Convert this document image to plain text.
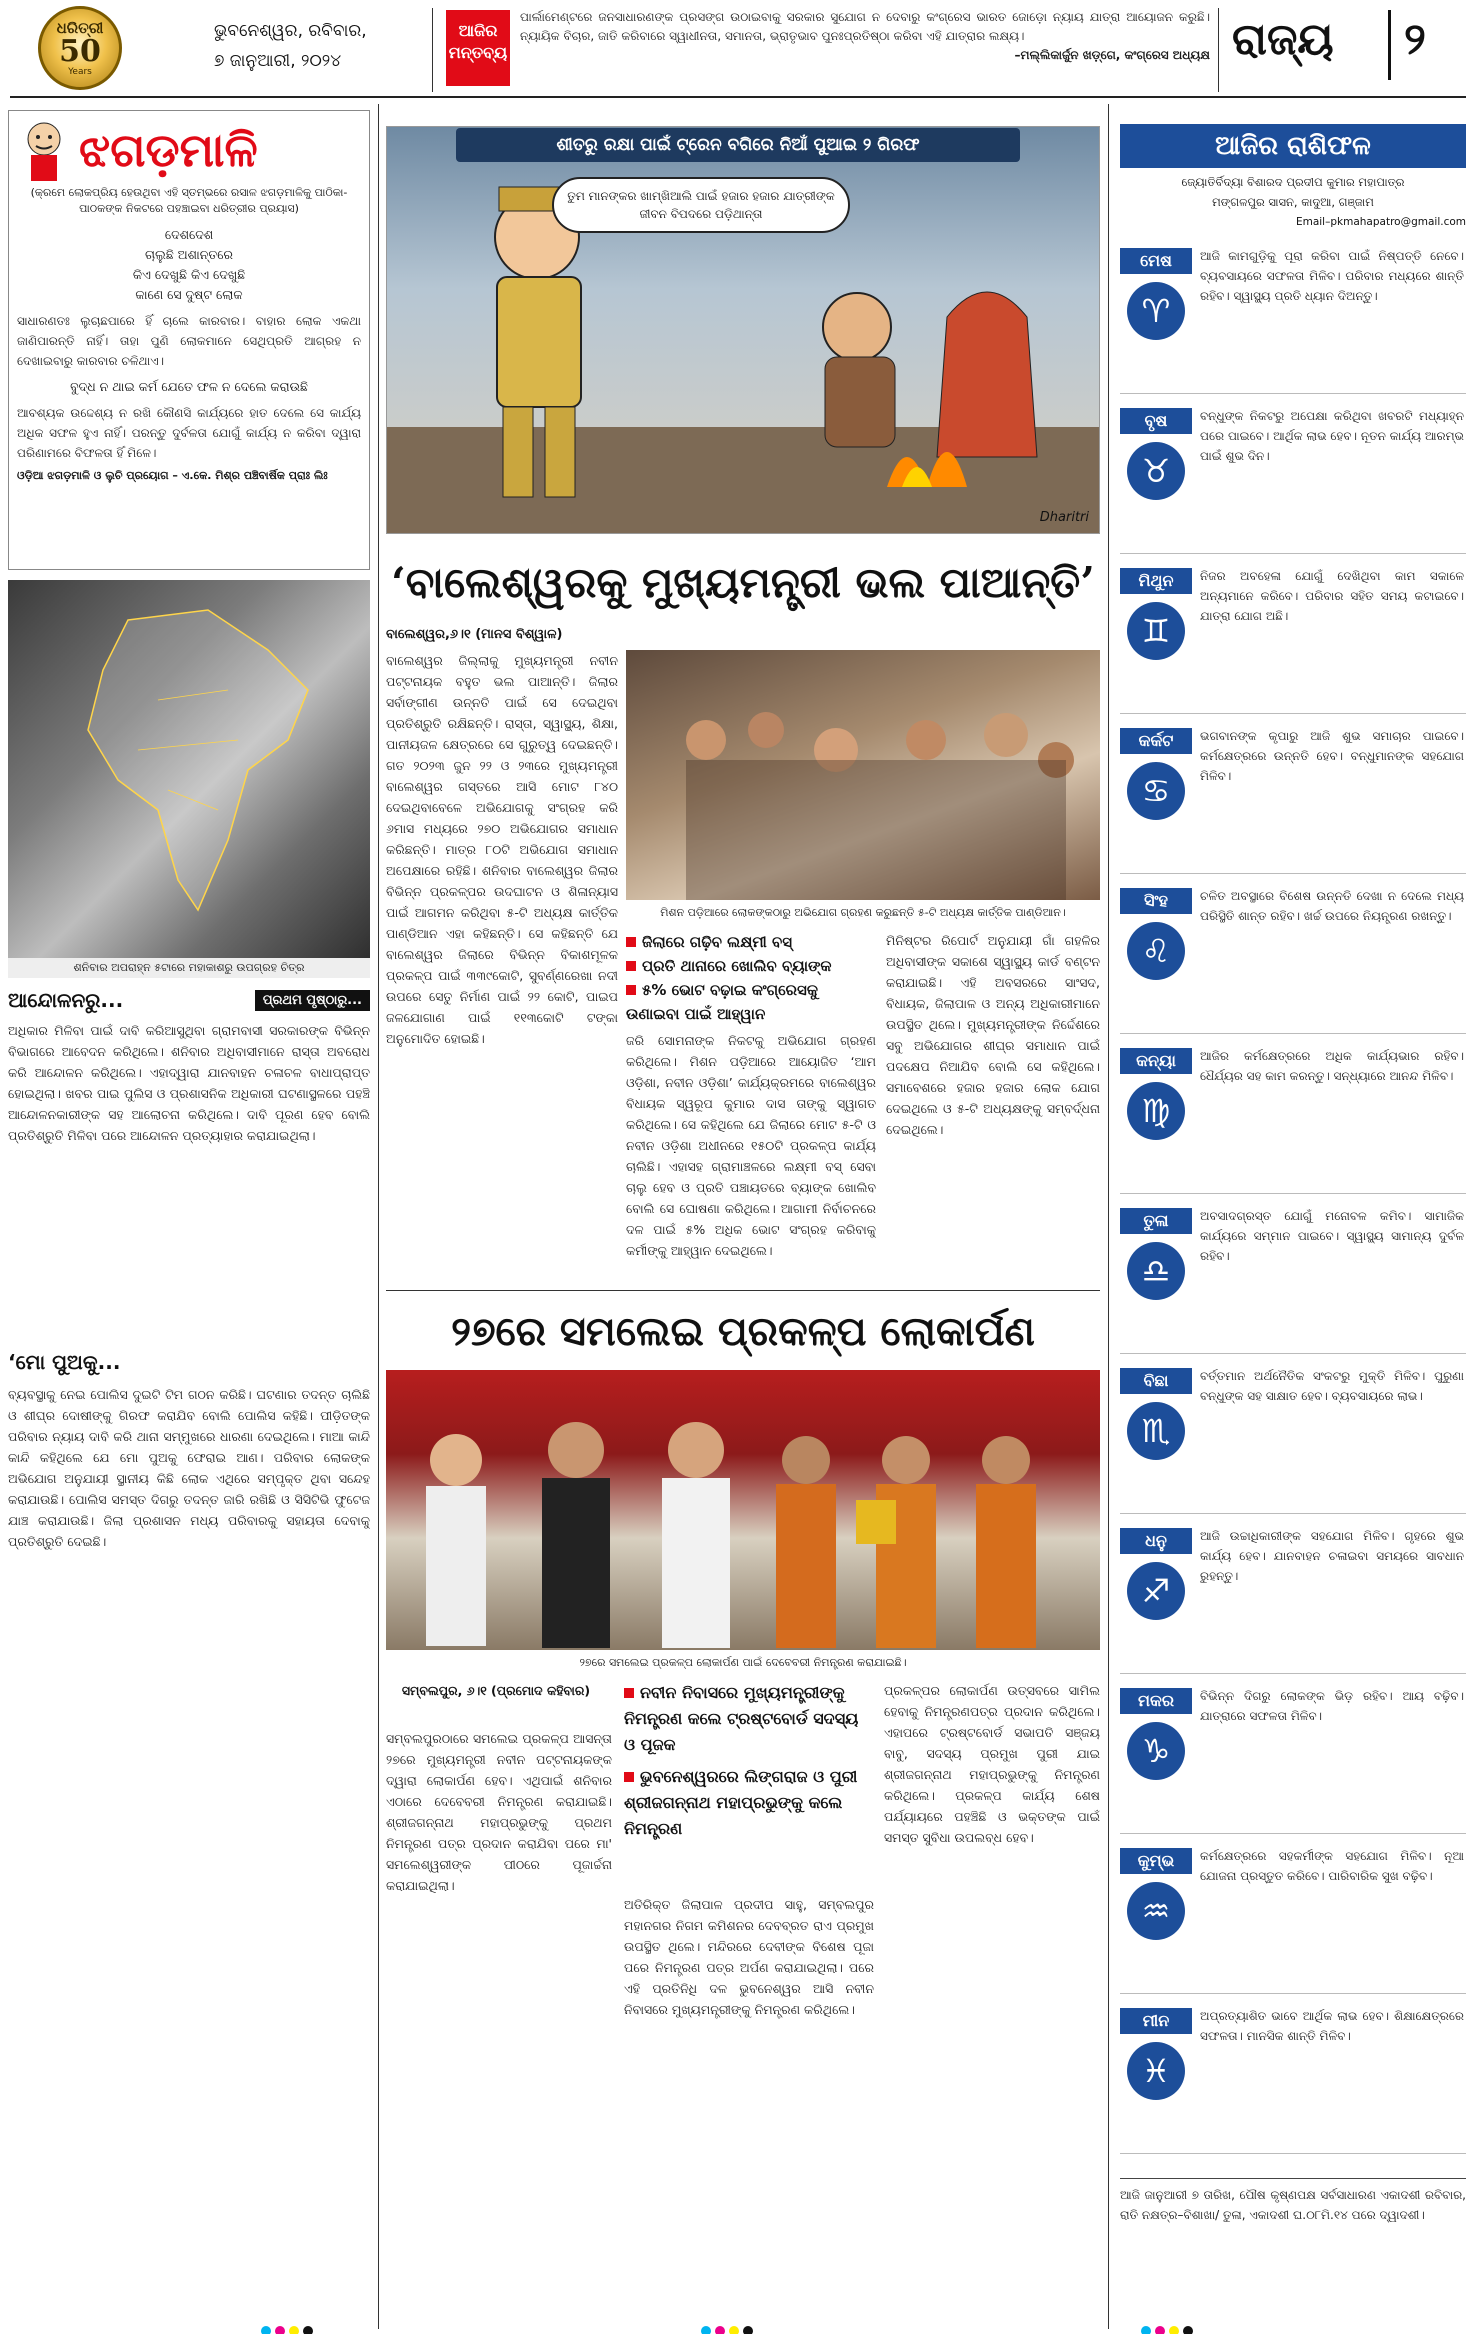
ଧରିତ୍ରୀ
50
Years
ଭୁବନେଶ୍ୱର, ରବିବାର,
୭ ଜାନୁଆରୀ, ୨୦୨୪
ଆଜିର
ମନ୍ତବ୍ୟ
ପାର୍ଲାମେଣ୍ଟରେ ଜନସାଧାରଣଙ୍କ ପ୍ରସଙ୍ଗ ଉଠାଇବାକୁ ସରକାର ସୁଯୋଗ ନ ଦେବାରୁ କଂଗ୍ରେସ ଭାରତ ଜୋଡ଼ୋ ନ୍ୟାୟ ଯାତ୍ରା ଆୟୋଜନ କରୁଛି। ନ୍ୟାୟିକ ବିଚାର, ଜାତି କରିବାରେ ସ୍ୱାଧୀନତା, ସମାନତା, ଭ୍ରାତୃଭାବ ପୁନଃପ୍ରତିଷ୍ଠା କରିବା ଏହି ଯାତ୍ରାର ଲକ୍ଷ୍ୟ।
–ମଲ୍ଲିକାର୍ଜୁନ ଖଡ଼୍ଗେ, କଂଗ୍ରେସ ଅଧ୍ୟକ୍ଷ ରାଜ୍ୟ	୨
ଝଗଡ଼ମାଳି
(କ୍ରମେ ଲୋକପ୍ରିୟ ହେଉଥିବା ଏହି ସ୍ତମ୍ଭରେ ରସାଳ ଝଗଡ଼ମାଳିକୁ ପାଠିକା-ପାଠକଙ୍କ ନିକଟରେ ପହଞ୍ଚାଇବା ଧରିତ୍ରୀର ପ୍ରୟାସ)
ଦେଶଦେଶ
ଚାଲୁଛି ଅଶାନ୍ତରେ
କିଏ ଦେଖୁଛି କିଏ ଦେଖୁଛି
କାଣେ ସେ ଦୁଷ୍ଟ ଲୋକ
ସାଧାରଣତଃ ଲୁଚାଛପାରେ ହିଁ ଚାଲେ କାରବାର। ବାହାର ଲୋକ ଏକଥା ଜାଣିପାରନ୍ତି ନାହିଁ। ତାହା ପୁଣି ଲୋକମାନେ ସେଥିପ୍ରତି ଆଗ୍ରହ ନ ଦେଖାଇବାରୁ କାରବାର ଚଳିଥାଏ।
ବୁଦ୍ଧ ନ ଥାଇ କର୍ମ ଯେତେ ଫଳ ନ ଦେଲେ କରାଉଛି
ଆବଶ୍ୟକ ଉଦ୍ଦେଶ୍ୟ ନ ରଖି କୌଣସି କାର୍ଯ୍ୟରେ ହାତ ଦେଲେ ସେ କାର୍ଯ୍ୟ ଅଧିକ ସଫଳ ହୁଏ ନାହିଁ। ପରନ୍ତୁ ଦୁର୍ବଳତା ଯୋଗୁଁ କାର୍ଯ୍ୟ ନ କରିବା ଦ୍ୱାରା ପରିଣାମରେ ବିଫଳତା ହିଁ ମିଳେ।
ଓଡ଼ିଆ ଝଗଡ଼ମାଳି ଓ ଲୁଚି ପ୍ରୟୋଗ – ଏ.କେ. ମିଶ୍ର ପଞ୍ଚିବାର୍ଷିକ ପ୍ରାଃ ଲିଃ
ଶନିବାର ଅପରାହ୍ନ ୫ଟାରେ ମହାକାଶରୁ ଉପଗ୍ରହ ଚିତ୍ର
ଆନ୍ଦୋଳନରୁ...	ପ୍ରଥମ ପୃଷ୍ଠାରୁ...
ଅଧିକାର ମିଳିବା ପାଇଁ ଦାବି କରିଆସୁଥିବା ଗ୍ରାମବାସୀ ସରକାରଙ୍କ ବିଭିନ୍ନ ବିଭାଗରେ ଆବେଦନ କରିଥିଲେ। ଶନିବାର ଅଧିବାସୀମାନେ ରାସ୍ତା ଅବରୋଧ କରି ଆନ୍ଦୋଳନ କରିଥିଲେ। ଏହାଦ୍ୱାରା ଯାନବାହନ ଚଳାଚଳ ବାଧାପ୍ରାପ୍ତ ହୋଇଥିଲା। ଖବର ପାଇ ପୁଲିସ ଓ ପ୍ରଶାସନିକ ଅଧିକାରୀ ଘଟଣାସ୍ଥଳରେ ପହଞ୍ଚି ଆନ୍ଦୋଳନକାରୀଙ୍କ ସହ ଆଲୋଚନା କରିଥିଲେ। ଦାବି ପୂରଣ ହେବ ବୋଲି ପ୍ରତିଶ୍ରୁତି ମିଳିବା ପରେ ଆନ୍ଦୋଳନ ପ୍ରତ୍ୟାହାର କରାଯାଇଥିଲା।
‘ମୋ ପୁଅକୁ...
ବ୍ୟବସ୍ଥାକୁ ନେଇ ପୋଲିସ ଦୁଇଟି ଟିମ ଗଠନ କରିଛି। ଘଟଣାର ତଦନ୍ତ ଚାଲିଛି ଓ ଶୀଘ୍ର ଦୋଷୀଙ୍କୁ ଗିରଫ କରାଯିବ ବୋଲି ପୋଲିସ କହିଛି। ପୀଡ଼ିତଙ୍କ ପରିବାର ନ୍ୟାୟ ଦାବି କରି ଥାନା ସମ୍ମୁଖରେ ଧାରଣା ଦେଇଥିଲେ। ମାଆ କାନ୍ଦି କାନ୍ଦି କହିଥିଲେ ଯେ ମୋ ପୁଅକୁ ଫେରାଇ ଆଣ। ପରିବାର ଲୋକଙ୍କ ଅଭିଯୋଗ ଅନୁଯାୟୀ ସ୍ଥାନୀୟ କିଛି ଲୋକ ଏଥିରେ ସମ୍ପୃକ୍ତ ଥିବା ସନ୍ଦେହ କରାଯାଉଛି। ପୋଲିସ ସମସ୍ତ ଦିଗରୁ ତଦନ୍ତ ଜାରି ରଖିଛି ଓ ସିସିଟିଭି ଫୁଟେଜ ଯାଞ୍ଚ କରାଯାଉଛି। ଜିଲା ପ୍ରଶାସନ ମଧ୍ୟ ପରିବାରକୁ ସହାୟତା ଦେବାକୁ ପ୍ରତିଶ୍ରୁତି ଦେଇଛି।
ତୁମ ମାନଙ୍କର ଖାମ୍ଖିଆଲି ପାଇଁ ହଜାର ହଜାର ଯାତ୍ରୀଙ୍କ ଜୀବନ ବିପଦରେ ପଡ଼ିଥାନ୍ତା
Dharitri
ଶୀତରୁ ରକ୍ଷା ପାଇଁ ଟ୍ରେନ ବଗିରେ ନିଆଁ ପୁଆଇ ୨ ଗିରଫ
‘ବାଲେଶ୍ୱରକୁ ମୁଖ୍ୟମନ୍ତ୍ରୀ ଭଲ ପାଆନ୍ତି’
ବାଲେଶ୍ୱର,୬।୧ (ମାନସ ବିଶ୍ୱାଳ)
ବାଲେଶ୍ୱର ଜିଲ୍ଲାକୁ ମୁଖ୍ୟମନ୍ତ୍ରୀ ନବୀନ ପଟ୍ଟନାୟକ ବହୁତ ଭଲ ପାଆନ୍ତି। ଜିଲାର ସର୍ବାଙ୍ଗୀଣ ଉନ୍ନତି ପାଇଁ ସେ ଦେଇଥିବା ପ୍ରତିଶ୍ରୁତି ରକ୍ଷିଛନ୍ତି। ରାସ୍ତା, ସ୍ୱାସ୍ଥ୍ୟ, ଶିକ୍ଷା, ପାନୀୟଜଳ କ୍ଷେତ୍ରରେ ସେ ଗୁରୁତ୍ୱ ଦେଇଛନ୍ତି। ଗତ ୨୦୨୩ ଜୁନ ୨୨ ଓ ୨୩ରେ ମୁଖ୍ୟମନ୍ତ୍ରୀ ବାଲେଶ୍ୱର ଗସ୍ତରେ ଆସି ମୋଟ ୮୪୦ ଦେଇଥିବାବେଳେ ଅଭିଯୋଗକୁ ସଂଗ୍ରହ କରି ୬ମାସ ମଧ୍ୟରେ ୨୭୦ ଅଭିଯୋଗର ସମାଧାନ କରିଛନ୍ତି। ମାତ୍ର ୮୦ଟି ଅଭିଯୋଗ ସମାଧାନ ଅପେକ୍ଷାରେ ରହିଛି। ଶନିବାର ବାଲେଶ୍ୱର ଜିଲାର ବିଭିନ୍ନ ପ୍ରକଳ୍ପର ଉଦଘାଟନ ଓ ଶିଳାନ୍ୟାସ ପାଇଁ ଆଗମନ କରିଥିବା ୫-ଟି ଅଧ୍ୟକ୍ଷ କାର୍ତ୍ତିକ ପାଣ୍ଡିଆନ ଏହା କହିଛନ୍ତି। ସେ କହିଛନ୍ତି ଯେ ବାଲେଶ୍ୱର ଜିଲାରେ ବିଭିନ୍ନ ବିକାଶମୂଳକ ପ୍ରକଳ୍ପ ପାଇଁ ୩୩୯କୋଟି, ସୁବର୍ଣ୍ଣରେଖା ନଦୀ ଉପରେ ସେତୁ ନିର୍ମାଣ ପାଇଁ ୨୨ କୋଟି, ପାଇପ ଜଳଯୋଗାଣ ପାଇଁ ୧୧୩କୋଟି ଟଙ୍କା ଅନୁମୋଦିତ ହୋଇଛି।
ମିଶନ ପଡ଼ିଆରେ ଲୋକଙ୍କଠାରୁ ଅଭିଯୋଗ ଗ୍ରହଣ କରୁଛନ୍ତି ୫-ଟି ଅଧ୍ୟକ୍ଷ କାର୍ତ୍ତିକ ପାଣ୍ଡିଆନ।
ଜିଲାରେ ଗଢ଼ିବ ଲକ୍ଷ୍ମୀ ବସ୍
ପ୍ରତି ଥାନାରେ ଖୋଲିବ ବ୍ୟାଙ୍କ
୫% ଭୋଟ ବଢ଼ାଇ କଂଗ୍ରେସକୁ ଉଣାଇବା ପାଇଁ ଆହ୍ୱାନ
ଜରି ସୋମନାଙ୍କ ନିକଟକୁ ଅଭିଯୋଗ ଗ୍ରହଣ କରିଥିଲେ। ମିଶନ ପଡ଼ିଆରେ ଆୟୋଜିତ ‘ଆମ ଓଡ଼ିଶା, ନବୀନ ଓଡ଼ିଶା’ କାର୍ଯ୍ୟକ୍ରମରେ ବାଲେଶ୍ୱର ବିଧାୟକ ସ୍ୱରୂପ କୁମାର ଦାସ ତାଙ୍କୁ ସ୍ୱାଗତ କରିଥିଲେ। ସେ କହିଥିଲେ ଯେ ଜିଲାରେ ମୋଟ ୫-ଟି ଓ ନବୀନ ଓଡ଼ିଶା ଅଧୀନରେ ୧୫୦ଟି ପ୍ରକଳ୍ପ କାର୍ଯ୍ୟ ଚାଲିଛି। ଏହାସହ ଗ୍ରାମାଞ୍ଚଳରେ ଲକ୍ଷ୍ମୀ ବସ୍ ସେବା ଚାଲୁ ହେବ ଓ ପ୍ରତି ପଞ୍ଚାୟତରେ ବ୍ୟାଙ୍କ ଖୋଲିବ ବୋଲି ସେ ଘୋଷଣା କରିଥିଲେ। ଆଗାମୀ ନିର୍ବାଚନରେ ଦଳ ପାଇଁ ୫% ଅଧିକ ଭୋଟ ସଂଗ୍ରହ କରିବାକୁ କର୍ମୀଙ୍କୁ ଆହ୍ୱାନ ଦେଇଥିଲେ।
ମିନିଷ୍ଟର ରିପୋର୍ଟ ଅନୁଯାୟୀ ଗାଁ ଗହଳିର ଅଧିବାସୀଙ୍କ ସକାଶେ ସ୍ୱାସ୍ଥ୍ୟ କାର୍ଡ ବଣ୍ଟନ କରାଯାଇଛି। ଏହି ଅବସରରେ ସାଂସଦ, ବିଧାୟକ, ଜିଲାପାଳ ଓ ଅନ୍ୟ ଅଧିକାରୀମାନେ ଉପସ୍ଥିତ ଥିଲେ। ମୁଖ୍ୟମନ୍ତ୍ରୀଙ୍କ ନିର୍ଦ୍ଦେଶରେ ସବୁ ଅଭିଯୋଗର ଶୀଘ୍ର ସମାଧାନ ପାଇଁ ପଦକ୍ଷେପ ନିଆଯିବ ବୋଲି ସେ କହିଥିଲେ। ସମାବେଶରେ ହଜାର ହଜାର ଲୋକ ଯୋଗ ଦେଇଥିଲେ ଓ ୫-ଟି ଅଧ୍ୟକ୍ଷଙ୍କୁ ସମ୍ବର୍ଦ୍ଧନା ଦେଇଥିଲେ।
୨୭ରେ ସମଲେଇ ପ୍ରକଳ୍ପ ଲୋକାର୍ପଣ
୨୭ରେ ସମଲେଇ ପ୍ରକଳ୍ପ ଲୋକାର୍ପଣ ପାଇଁ ଦେବେବରୀ ନିମନ୍ତ୍ରଣ କରାଯାଇଛି।
ସମ୍ବଲପୁର, ୬।୧ (ପ୍ରମୋଦ କହିବାର)
ସମ୍ବଲପୁରଠାରେ ସମଲେଇ ପ୍ରକଳ୍ପ ଆସନ୍ତା ୨୭ରେ ମୁଖ୍ୟମନ୍ତ୍ରୀ ନବୀନ ପଟ୍ଟନାୟକଙ୍କ ଦ୍ୱାରା ଲୋକାର୍ପଣ ହେବ। ଏଥିପାଇଁ ଶନିବାର ଏଠାରେ ଦେବେବରୀ ନିମନ୍ତ୍ରଣ କରାଯାଇଛି। ଶ୍ରୀଜଗନ୍ନାଥ ମହାପ୍ରଭୁଙ୍କୁ ପ୍ରଥମ ନିମନ୍ତ୍ରଣ ପତ୍ର ପ୍ରଦାନ କରାଯିବା ପରେ ମା' ସମଲେଶ୍ୱରୀଙ୍କ ପୀଠରେ ପୂଜାର୍ଚ୍ଚନା କରାଯାଇଥିଲା।
ନବୀନ ନିବାସରେ ମୁଖ୍ୟମନ୍ତ୍ରୀଙ୍କୁ ନିମନ୍ତ୍ରଣ କଲେ ଟ୍ରଷ୍ଟବୋର୍ଡ ସଦସ୍ୟ ଓ ପୂଜକ
ଭୁବନେଶ୍ୱରରେ ଲିଙ୍ଗରାଜ ଓ ପୁରୀ ଶ୍ରୀଜଗନ୍ନାଥ ମହାପ୍ରଭୁଙ୍କୁ କଲେ ନିମନ୍ତ୍ରଣ
ଅତିରିକ୍ତ ଜିଲାପାଳ ପ୍ରଦୀପ ସାହୁ, ସମ୍ବଲପୁର ମହାନଗର ନିଗମ କମିଶନର ଦେବବ୍ରତ ରାଏ ପ୍ରମୁଖ ଉପସ୍ଥିତ ଥିଲେ। ମନ୍ଦିରରେ ଦେବୀଙ୍କ ବିଶେଷ ପୂଜା ପରେ ନିମନ୍ତ୍ରଣ ପତ୍ର ଅର୍ପଣ କରାଯାଇଥିଲା। ପରେ ଏହି ପ୍ରତିନିଧି ଦଳ ଭୁବନେଶ୍ୱର ଆସି ନବୀନ ନିବାସରେ ମୁଖ୍ୟମନ୍ତ୍ରୀଙ୍କୁ ନିମନ୍ତ୍ରଣ କରିଥିଲେ।
ପ୍ରକଳ୍ପର ଲୋକାର୍ପଣ ଉତ୍ସବରେ ସାମିଲ ହେବାକୁ ନିମନ୍ତ୍ରଣପତ୍ର ପ୍ରଦାନ କରିଥିଲେ। ଏହାପରେ ଟ୍ରଷ୍ଟବୋର୍ଡ ସଭାପତି ସଞ୍ଜୟ ବାବୁ, ସଦସ୍ୟ ପ୍ରମୁଖ ପୁରୀ ଯାଇ ଶ୍ରୀଜଗନ୍ନାଥ ମହାପ୍ରଭୁଙ୍କୁ ନିମନ୍ତ୍ରଣ କରିଥିଲେ। ପ୍ରକଳ୍ପ କାର୍ଯ୍ୟ ଶେଷ ପର୍ଯ୍ୟାୟରେ ପହଞ୍ଚିଛି ଓ ଭକ୍ତଙ୍କ ପାଇଁ ସମସ୍ତ ସୁବିଧା ଉପଲବ୍ଧ ହେବ।
ଆଜିର ରାଶିଫଳ
ଜ୍ୟୋତିର୍ବିଦ୍ୟା ବିଶାରଦ ପ୍ରଦୀପ କୁମାର ମହାପାତ୍ର
ମଙ୍ଗଳପୁର ସାସନ, କାଦୁଆ, ଗଞ୍ଜାମ
Email–pkmahapatro@gmail.com
ମେଷ
♈
ଆଜି କାମଗୁଡ଼ିକୁ ପୂରା କରିବା ପାଇଁ ନିଷ୍ପତ୍ତି ନେବେ। ବ୍ୟବସାୟରେ ସଫଳତା ମିଳିବ। ପରିବାର ମଧ୍ୟରେ ଶାନ୍ତି ରହିବ। ସ୍ୱାସ୍ଥ୍ୟ ପ୍ରତି ଧ୍ୟାନ ଦିଅନ୍ତୁ।
ବୃଷ
♉
ବନ୍ଧୁଙ୍କ ନିକଟରୁ ଅପେକ୍ଷା କରିଥିବା ଖବରଟି ମଧ୍ୟାହ୍ନ ପରେ ପାଇବେ। ଆର୍ଥିକ ଲାଭ ହେବ। ନୂତନ କାର୍ଯ୍ୟ ଆରମ୍ଭ ପାଇଁ ଶୁଭ ଦିନ।
ମିଥୁନ
♊
ନିଜର ଅବହେଳା ଯୋଗୁଁ ଦେଖିଥିବା କାମ ସକାଳେ ଅନ୍ୟମାନେ କରିବେ। ପରିବାର ସହିତ ସମୟ କଟାଇବେ। ଯାତ୍ରା ଯୋଗ ଅଛି।
କର୍କଟ
♋
ଭଗବାନଙ୍କ କୃପାରୁ ଆଜି ଶୁଭ ସମାଚାର ପାଇବେ। କର୍ମକ୍ଷେତ୍ରରେ ଉନ୍ନତି ହେବ। ବନ୍ଧୁମାନଙ୍କ ସହଯୋଗ ମିଳିବ।
ସିଂହ
♌
ଚଳିତ ଅବସ୍ଥାରେ ବିଶେଷ ଉନ୍ନତି ଦେଖା ନ ଦେଲେ ମଧ୍ୟ ପରିସ୍ଥିତି ଶାନ୍ତ ରହିବ। ଖର୍ଚ୍ଚ ଉପରେ ନିୟନ୍ତ୍ରଣ ରଖନ୍ତୁ।
କନ୍ୟା
♍
ଆଜିର କର୍ମକ୍ଷେତ୍ରରେ ଅଧିକ କାର୍ଯ୍ୟଭାର ରହିବ। ଧୈର୍ଯ୍ୟର ସହ କାମ କରନ୍ତୁ। ସନ୍ଧ୍ୟାରେ ଆନନ୍ଦ ମିଳିବ।
ତୁଳା
♎
ଅବସାଦଗ୍ରସ୍ତ ଯୋଗୁଁ ମନୋବଳ କମିବ। ସାମାଜିକ କାର୍ଯ୍ୟରେ ସମ୍ମାନ ପାଇବେ। ସ୍ୱାସ୍ଥ୍ୟ ସାମାନ୍ୟ ଦୁର୍ବଳ ରହିବ।
ବିଛା
♏
ବର୍ତ୍ତମାନ ଅର୍ଥନୈତିକ ସଂକଟରୁ ମୁକ୍ତି ମିଳିବ। ପୁରୁଣା ବନ୍ଧୁଙ୍କ ସହ ସାକ୍ଷାତ ହେବ। ବ୍ୟବସାୟରେ ଲାଭ।
ଧନୁ
♐
ଆଜି ଉଚ୍ଚାଧିକାରୀଙ୍କ ସହଯୋଗ ମିଳିବ। ଗୃହରେ ଶୁଭ କାର୍ଯ୍ୟ ହେବ। ଯାନବାହନ ଚଳାଇବା ସମୟରେ ସାବଧାନ ରୁହନ୍ତୁ।
ମକର
♑
ବିଭିନ୍ନ ଦିଗରୁ ଲୋକଙ୍କ ଭିଡ଼ ରହିବ। ଆୟ ବଢ଼ିବ। ଯାତ୍ରାରେ ସଫଳତା ମିଳିବ।
କୁମ୍ଭ
♒
କର୍ମକ୍ଷେତ୍ରରେ ସହକର୍ମୀଙ୍କ ସହଯୋଗ ମିଳିବ। ନୂଆ ଯୋଜନା ପ୍ରସ୍ତୁତ କରିବେ। ପାରିବାରିକ ସୁଖ ବଢ଼ିବ।
ମୀନ
♓
ଅପ୍ରତ୍ୟାଶିତ ଭାବେ ଆର୍ଥିକ ଲାଭ ହେବ। ଶିକ୍ଷାକ୍ଷେତ୍ରରେ ସଫଳତା। ମାନସିକ ଶାନ୍ତି ମିଳିବ।
ଆଜି ଜାନୁଆରୀ ୭ ତାରିଖ, ପୌଷ କୃଷ୍ଣପକ୍ଷ ସର୍ବସାଧାରଣ ଏକାଦଶୀ ରବିବାର, ରାତି ନକ୍ଷତ୍ର–ବିଶାଖା/ ତୁଳା, ଏକାଦଶୀ ଘ.୦୮ମି.୧୪ ପରେ ଦ୍ୱାଦଶୀ।
